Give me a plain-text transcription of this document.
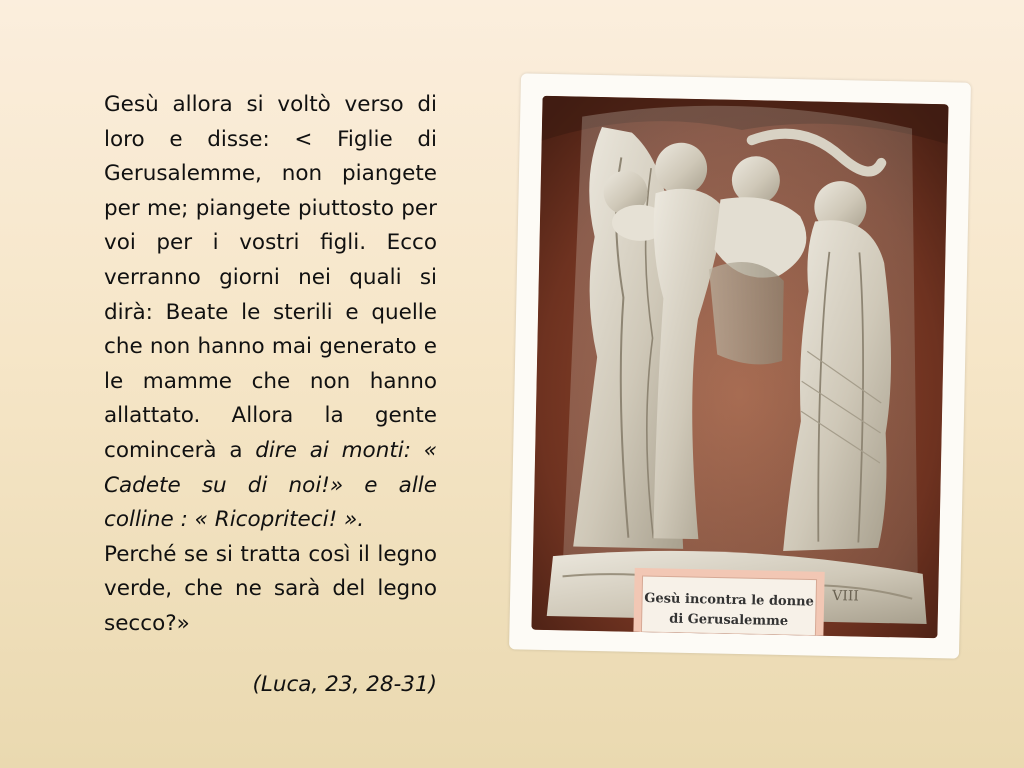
Gesù allora si voltò verso di loro e disse: < Figlie di Gerusalemme, non piangete per me; piangete piuttosto per voi per i vostri figli. Ecco verranno giorni nei quali si dirà: Beate le sterili e quelle che non hanno mai generato e le mamme che non hanno allattato. Allora la gente comincerà a dire ai monti: « Cadete su di noi!» e alle colline : « Ricopriteci! ».

Perché se si tratta così il legno verde, che ne sarà del legno secco?»

(Luca, 23, 28-31)
VIII
Gesù incontra le donne
di Gerusalemme
